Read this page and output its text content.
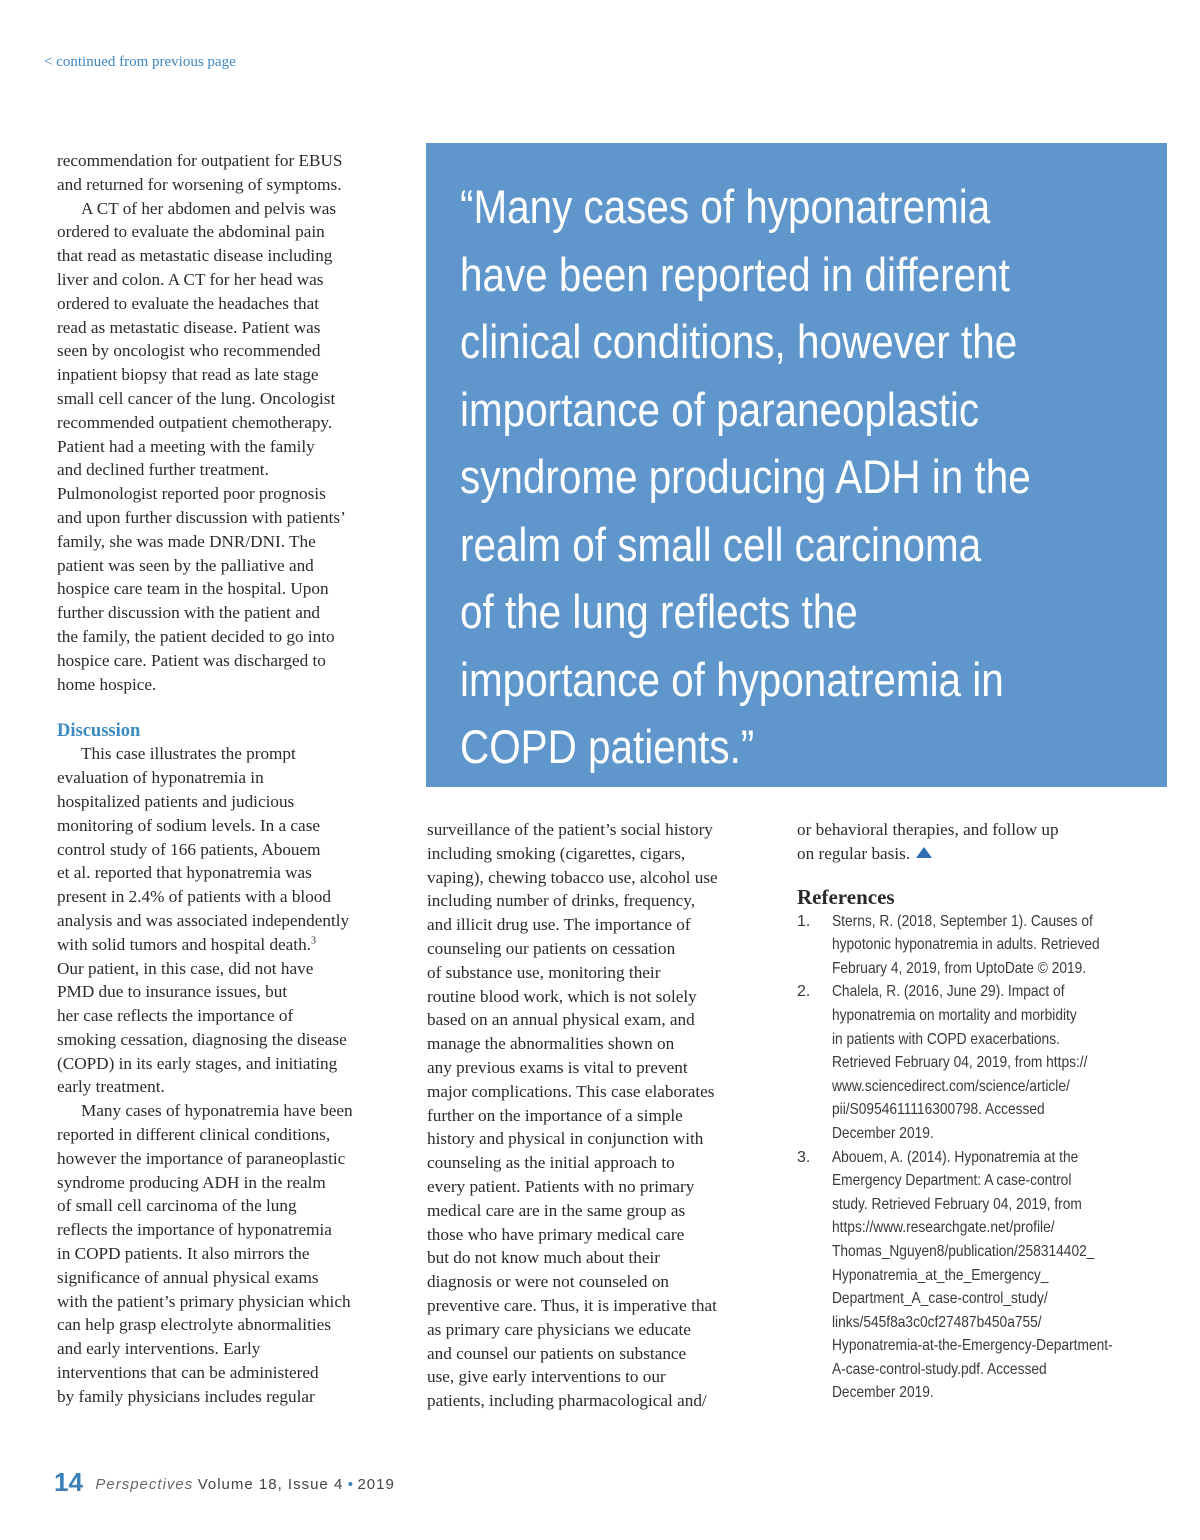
< continued from previous page

recommendation for outpatient for EBUS
and returned for worsening of symptoms.

A CT of her abdomen and pelvis was
ordered to evaluate the abdominal pain
that read as metastatic disease including
liver and colon. A CT for her head was
ordered to evaluate the headaches that
read as metastatic disease. Patient was
seen by oncologist who recommended
inpatient biopsy that read as late stage
small cell cancer of the lung. Oncologist
recommended outpatient chemotherapy.
Patient had a meeting with the family
and declined further treatment.
Pulmonologist reported poor prognosis
and upon further discussion with patients’
family, she was made DNR/DNI. The
patient was seen by the palliative and
hospice care team in the hospital. Upon
further discussion with the patient and
the family, the patient decided to go into
hospice care. Patient was discharged to
home hospice.

Discussion

This case illustrates the prompt
evaluation of hyponatremia in
hospitalized patients and judicious
monitoring of sodium levels. In a case
control study of 166 patients, Abouem
et al. reported that hyponatremia was
present in 2.4% of patients with a blood
analysis and was associated independently
with solid tumors and hospital death.$^3$
Our patient, in this case, did not have
PMD due to insurance issues, but
her case reflects the importance of
smoking cessation, diagnosing the disease
(COPD) in its early stages, and initiating
early treatment.

Many cases of hyponatremia have been
reported in different clinical conditions,
however the importance of paraneoplastic
syndrome producing ADH in the realm
of small cell carcinoma of the lung
reflects the importance of hyponatremia
in COPD patients. It also mirrors the
significance of annual physical exams
with the patient’s primary physician which
can help grasp electrolyte abnormalities
and early interventions. Early
interventions that can be administered
by family physicians includes regular

“Many cases of hyponatremia
have been reported in different
clinical conditions, however the
importance of paraneoplastic
syndrome producing ADH in the
realm of small cell carcinoma
of the lung reflects the
importance of hyponatremia in
COPD patients.”

surveillance of the patient’s social history
including smoking (cigarettes, cigars,
vaping), chewing tobacco use, alcohol use
including number of drinks, frequency,
and illicit drug use. The importance of
counseling our patients on cessation
of substance use, monitoring their
routine blood work, which is not solely
based on an annual physical exam, and
manage the abnormalities shown on
any previous exams is vital to prevent
major complications. This case elaborates
further on the importance of a simple
history and physical in conjunction with
counseling as the initial approach to
every patient. Patients with no primary
medical care are in the same group as
those who have primary medical care
but do not know much about their
diagnosis or were not counseled on
preventive care. Thus, it is imperative that
as primary care physicians we educate
and counsel our patients on substance
use, give early interventions to our
patients, including pharmacological and/

or behavioral therapies, and follow up
on regular basis.

References
1. Sterns, R. (2018, September 1). Causes of
hypotonic hyponatremia in adults. Retrieved
February 4, 2019, from UptoDate © 2019.
2. Chalela, R. (2016, June 29). Impact of
hyponatremia on mortality and morbidity
in patients with COPD exacerbations.
Retrieved February 04, 2019, from https://
www.sciencedirect.com/science/article/
pii/S0954611116300798. Accessed
December 2019.
3. Abouem, A. (2014). Hyponatremia at the
Emergency Department: A case-control
study. Retrieved February 04, 2019, from
https://www.researchgate.net/profile/
Thomas_Nguyen8/publication/258314402_
Hyponatremia_at_the_Emergency_
Department_A_case-control_study/
links/545f8a3c0cf27487b450a755/
Hyponatremia-at-the-Emergency-Department-
A-case-control-study.pdf. Accessed
December 2019.
14 Perspectives Volume 18, Issue 4 • 2019
